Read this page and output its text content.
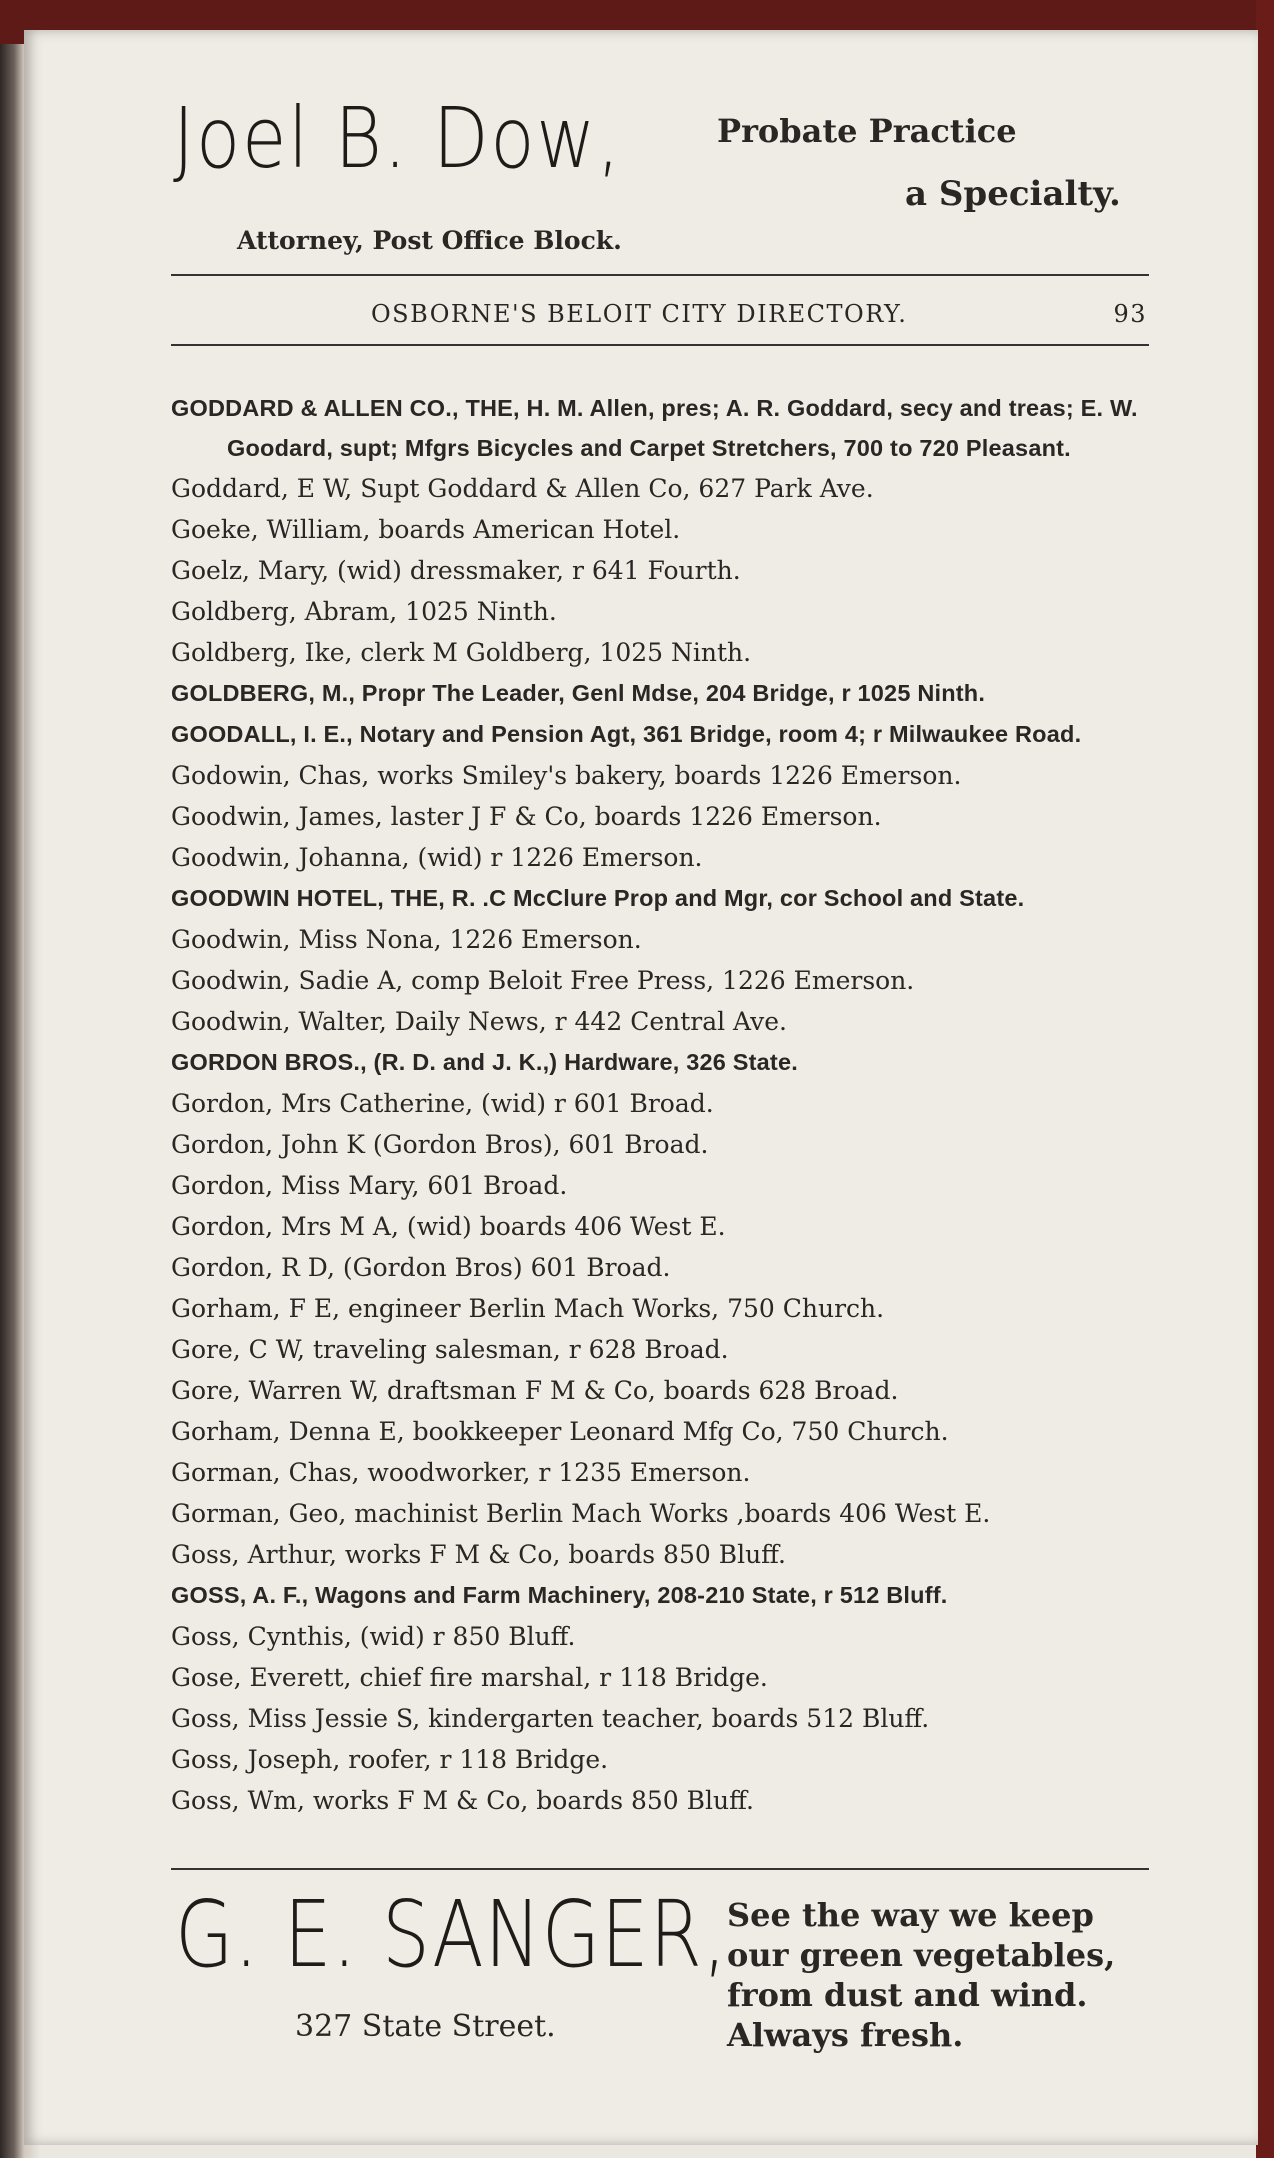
Joel B. Dow,	Probate Practice
a Specialty.
Attorney, Post Office Block.
OSBORNE'S BELOIT CITY DIRECTORY.	93
GODDARD & ALLEN CO., THE, H. M. Allen, pres; A. R. Goddard, secy and treas; E. W. Goodard, supt; Mfgrs Bicycles and Carpet Stretchers, 700 to 720 Pleasant.
Goddard, E W, Supt Goddard & Allen Co, 627 Park Ave.
Goeke, William, boards American Hotel.
Goelz, Mary, (wid) dressmaker, r 641 Fourth.
Goldberg, Abram, 1025 Ninth.
Goldberg, Ike, clerk M Goldberg, 1025 Ninth.
GOLDBERG, M., Propr The Leader, Genl Mdse, 204 Bridge, r 1025 Ninth.
GOODALL, I. E., Notary and Pension Agt, 361 Bridge, room 4; r Milwaukee Road.
Godowin, Chas, works Smiley's bakery, boards 1226 Emerson.
Goodwin, James, laster J F & Co, boards 1226 Emerson.
Goodwin, Johanna, (wid) r 1226 Emerson.
GOODWIN HOTEL, THE, R. .C McClure Prop and Mgr, cor School and State.
Goodwin, Miss Nona, 1226 Emerson.
Goodwin, Sadie A, comp Beloit Free Press, 1226 Emerson.
Goodwin, Walter, Daily News, r 442 Central Ave.
GORDON BROS., (R. D. and J. K.,) Hardware, 326 State.
Gordon, Mrs Catherine, (wid) r 601 Broad.
Gordon, John K (Gordon Bros), 601 Broad.
Gordon, Miss Mary, 601 Broad.
Gordon, Mrs M A, (wid) boards 406 West E.
Gordon, R D, (Gordon Bros) 601 Broad.
Gorham, F E, engineer Berlin Mach Works, 750 Church.
Gore, C W, traveling salesman, r 628 Broad.
Gore, Warren W, draftsman F M & Co, boards 628 Broad.
Gorham, Denna E, bookkeeper Leonard Mfg Co, 750 Church.
Gorman, Chas, woodworker, r 1235 Emerson.
Gorman, Geo, machinist Berlin Mach Works ,boards 406 West E.
Goss, Arthur, works F M & Co, boards 850 Bluff.
GOSS, A. F., Wagons and Farm Machinery, 208-210 State, r 512 Bluff.
Goss, Cynthis, (wid) r 850 Bluff.
Gose, Everett, chief fire marshal, r 118 Bridge.
Goss, Miss Jessie S, kindergarten teacher, boards 512 Bluff.
Goss, Joseph, roofer, r 118 Bridge.
Goss, Wm, works F M & Co, boards 850 Bluff.
G. E. SANGER,
327 State Street.
See the way we keep
our green vegetables,
from dust and wind.
Always fresh.
